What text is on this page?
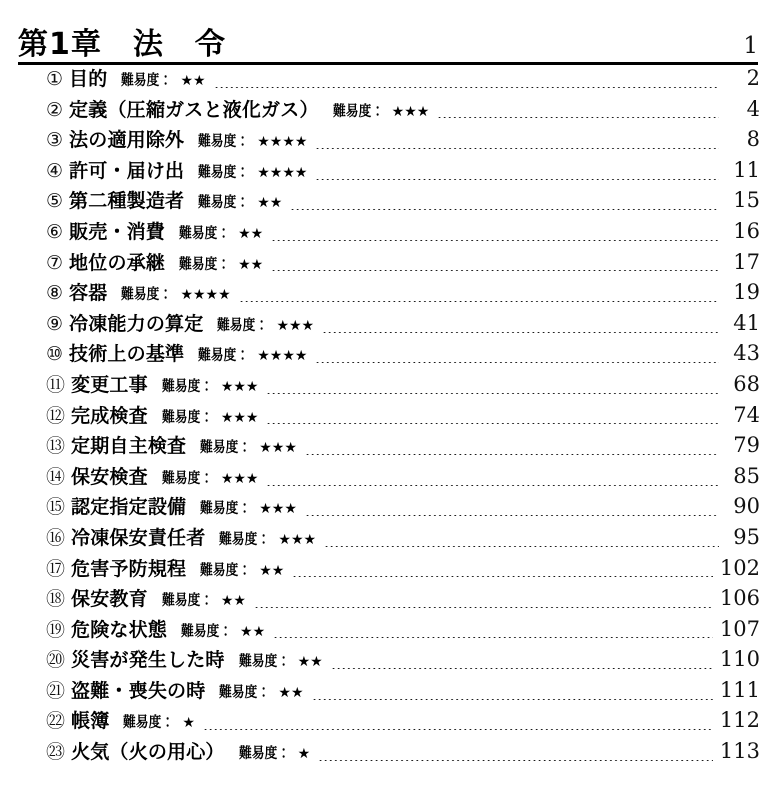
第1章　法　令	1
① 目的 難易度： ★★	2
② 定義（圧縮ガスと液化ガス） 難易度： ★★★	4
③ 法の適用除外 難易度： ★★★★	8
④ 許可・届け出 難易度： ★★★★	11
⑤ 第二種製造者 難易度： ★★	15
⑥ 販売・消費 難易度： ★★	16
⑦ 地位の承継 難易度： ★★	17
⑧ 容器 難易度： ★★★★	19
⑨ 冷凍能力の算定 難易度： ★★★	41
⑩ 技術上の基準 難易度： ★★★★	43
⑪ 変更工事 難易度： ★★★	68
⑫ 完成検査 難易度： ★★★	74
⑬ 定期自主検査 難易度： ★★★	79
⑭ 保安検査 難易度： ★★★	85
⑮ 認定指定設備 難易度： ★★★	90
⑯ 冷凍保安責任者 難易度： ★★★	95
⑰ 危害予防規程 難易度： ★★	102
⑱ 保安教育 難易度： ★★	106
⑲ 危険な状態 難易度： ★★	107
⑳ 災害が発生した時 難易度： ★★	110
㉑ 盗難・喪失の時 難易度： ★★	111
㉒ 帳簿 難易度： ★	112
㉓ 火気（火の用心） 難易度： ★	113
